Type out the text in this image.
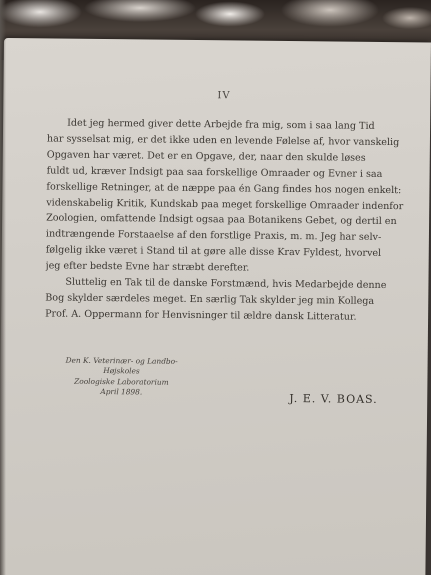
IV
Idet jeg hermed giver dette Arbejde fra mig, som i saa lang Tid
har sysselsat mig, er det ikke uden en levende Følelse af, hvor vanskelig
Opgaven har været. Det er en Opgave, der, naar den skulde løses
fuldt ud, kræver Indsigt paa saa forskellige Omraader og Evner i saa
forskellige Retninger, at de næppe paa én Gang findes hos nogen enkelt:
videnskabelig Kritik, Kundskab paa meget forskellige Omraader indenfor
Zoologien, omfattende Indsigt ogsaa paa Botanikens Gebet, og dertil en
indtrængende Forstaaelse af den forstlige Praxis, m. m. Jeg har selv-
følgelig ikke været i Stand til at gøre alle disse Krav Fyldest, hvorvel
jeg efter bedste Evne har stræbt derefter.
Sluttelig en Tak til de danske Forstmænd, hvis Medarbejde denne
Bog skylder særdeles meget. En særlig Tak skylder jeg min Kollega
Prof. A. Oppermann for Henvisninger til ældre dansk Litteratur.
Den K. Veterinær- og Landbo-Højskoles
Zoologiske Laboratorium
April 1898.
J. E. V. BOAS.
